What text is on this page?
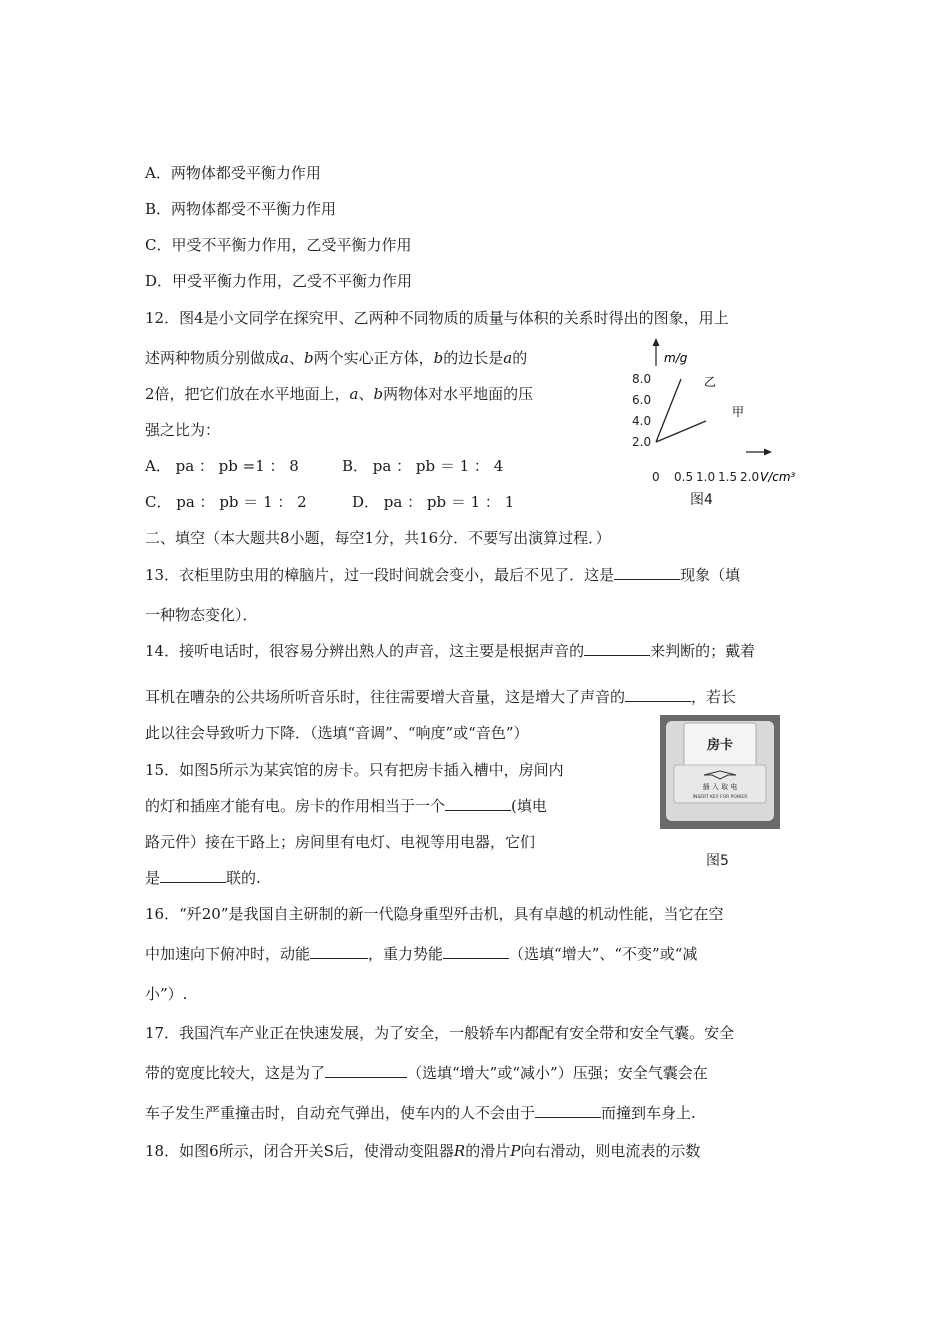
A．两物体都受平衡力作用
B．两物体都受不平衡力作用
C．甲受不平衡力作用，乙受平衡力作用
D．甲受平衡力作用，乙受不平衡力作用
12．图4是小文同学在探究甲、乙两种不同物质的质量与体积的关系时得出的图象，用上
述两种物质分别做成a、b两个实心正方体，b的边长是a的
2倍，把它们放在水平地面上，a、b两物体对水平地面的压
强之比为：
A． pa ： pb =1 ： 8	B． pa ： pb ＝ 1 ： 4
C． pa ： pb ＝ 1 ： 2	D． pa ： pb ＝ 1 ： 1
m/g
8.0
6.0
4.0
2.0
0 0.5 1.0 1.5 2.0 V/cm³
乙
甲
图4
二、填空（本大题共8小题，每空1分，共16分．不要写出演算过程．）
13．衣柜里防虫用的樟脑片，过一段时间就会变小，最后不见了．这是	现象（填
一种物态变化）．
14．接听电话时，很容易分辨出熟人的声音，这主要是根据声音的	来判断的；戴着
耳机在嘈杂的公共场所听音乐时，往往需要增大音量，这是增大了声音的	，若长
此以往会导致听力下降．（选填“音调”、“响度”或“音色”）
15．如图5所示为某宾馆的房卡。只有把房卡插入槽中，房间内
的灯和插座才能有电。房卡的作用相当于一个	(填电
路元件）接在干路上；房间里有电灯、电视等用电器，它们
是	联的.
房卡
插 入 取 电
INSERT KEY FOR POWER
图5
16．“歼20”是我国自主研制的新一代隐身重型歼击机，具有卓越的机动性能，当它在空
中加速向下俯冲时，动能	，重力势能	（选填“增大”、“不变”或“减
小”）.
17．我国汽车产业正在快速发展，为了安全，一般轿车内都配有安全带和安全气囊。安全
带的宽度比较大，这是为了	（选填“增大”或“减小”）压强；安全气囊会在
车子发生严重撞击时，自动充气弹出，使车内的人不会由于	而撞到车身上.
18．如图6所示，闭合开关S后，使滑动变阻器R的滑片P向右滑动，则电流表的示数
